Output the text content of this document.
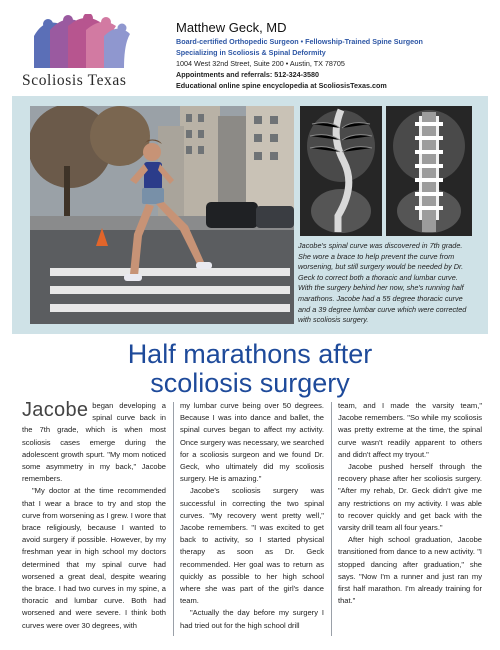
Scoliosis Texas
Matthew Geck, MD
Board-certified Orthopedic Surgeon • Fellowship-Trained Spine Surgeon
Specializing in Scoliosis & Spinal Deformity
1004 West 32nd Street, Suite 200 • Austin, TX 78705
Appointments and referrals: 512-324-3580
Educational online spine encyclopedia at ScoliosisTexas.com
Jacobe's spinal curve was discovered in 7th grade. She wore a brace to help prevent the curve from worsening, but still surgery would be needed by Dr. Geck to correct both a thoracic and lumbar curve. With the surgery behind her now, she's running half marathons. Jacobe had a 55 degree thoracic curve and a 39 degree lumbar curve which were corrected with scoliosis surgery.
Half marathons after
scoliosis surgery

Jacobe began developing a spinal curve back in the 7th grade, which is when most scoliosis cases emerge during the adolescent growth spurt. "My mom noticed some asymmetry in my back," Jacobe remembers.

"My doctor at the time recommended that I wear a brace to try and stop the curve from worsening as I grew. I wore that brace religiously, because I wanted to avoid surgery if possible. However, by my freshman year in high school my doctors determined that my spinal curve had worsened a great deal, despite wearing the brace. I had two curves in my spine, a thoracic and lumbar curve. Both had worsened and were severe. I think both curves were over 30 degrees, with

my lumbar curve being over 50 degrees. Because I was into dance and ballet, the spinal curves began to affect my activity. Once surgery was necessary, we searched for a scoliosis surgeon and we found Dr. Geck, who ultimately did my scoliosis surgery. He is amazing."

Jacobe's scoliosis surgery was successful in correcting the two spinal curves. "My recovery went pretty well," Jacobe remembers. "I was excited to get back to activity, so I started physical therapy as soon as Dr. Geck recommended. Her goal was to return as quickly as possible to her high school where she was part of the girl's dance team.

"Actually the day before my surgery I had tried out for the high school drill

team, and I made the varsity team," Jacobe remembers. "So while my scoliosis was pretty extreme at the time, the spinal curve wasn't readily apparent to others and didn't affect my tryout."

Jacobe pushed herself through the recovery phase after her scoliosis surgery. "After my rehab, Dr. Geck didn't give me any restrictions on my activity. I was able to recover quickly and get back with the varsity drill team all four years."

After high school graduation, Jacobe transitioned from dance to a new activity. "I stopped dancing after graduation," she says. "Now I'm a runner and just ran my first half marathon. I'm already training for that."
